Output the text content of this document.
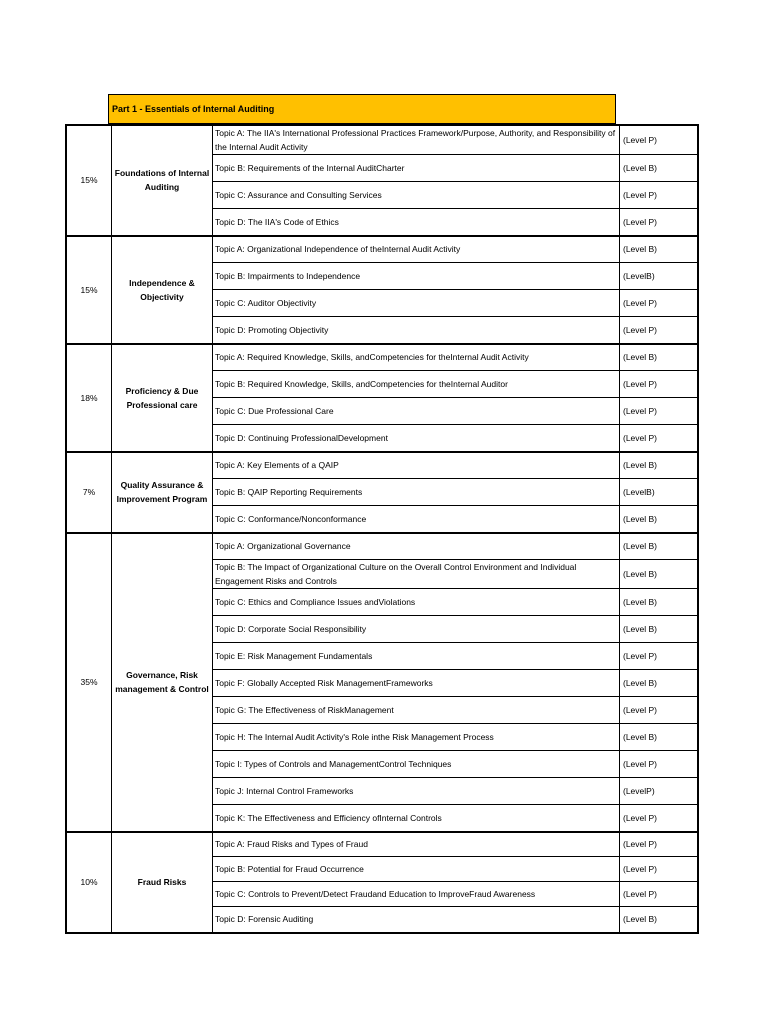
Part 1 - Essentials of Internal Auditing
15%	Foundations of Internal Auditing	Topic A: The IIA's International Professional Practices Framework/Purpose, Authority, and Responsibility of the Internal Audit Activity	(Level P)
		Topic B: Requirements of the Internal AuditCharter	(Level B)
		Topic C: Assurance and Consulting Services	(Level P)
		Topic D: The IIA's Code of Ethics	(Level P)
15%	Independence & Objectivity	Topic A: Organizational Independence of theInternal Audit Activity	(Level B)
		Topic B: Impairments to Independence	(LevelB)
		Topic C: Auditor Objectivity	(Level P)
		Topic D: Promoting Objectivity	(Level P)
18%	Proficiency & Due Professional care	Topic A: Required Knowledge, Skills, andCompetencies for theInternal Audit Activity	(Level B)
		Topic B: Required Knowledge, Skills, andCompetencies for theInternal Auditor	(Level P)
		Topic C: Due Professional Care	(Level P)
		Topic D: Continuing ProfessionalDevelopment	(Level P)
7%	Quality Assurance & Improvement Program	Topic A: Key Elements of a QAIP	(Level B)
		Topic B: QAIP Reporting Requirements	(LevelB)
		Topic C: Conformance/Nonconformance	(Level B)
35%	Governance, Risk management & Control	Topic A: Organizational Governance	(Level B)
		Topic B: The Impact of Organizational Culture on the Overall Control Environment and Individual Engagement Risks and Controls	(Level B)
		Topic C: Ethics and Compliance Issues andViolations	(Level B)
		Topic D: Corporate Social Responsibility	(Level B)
		Topic E: Risk Management Fundamentals	(Level P)
		Topic F: Globally Accepted Risk ManagementFrameworks	(Level B)
		Topic G: The Effectiveness of RiskManagement	(Level P)
		Topic H: The Internal Audit Activity's Role inthe Risk Management Process	(Level B)
		Topic I: Types of Controls and ManagementControl Techniques	(Level P)
		Topic J: Internal Control Frameworks	(LevelP)
		Topic K: The Effectiveness and Efficiency ofInternal Controls	(Level P)
10%	Fraud Risks	Topic A: Fraud Risks and Types of Fraud	(Level P)
		Topic B: Potential for Fraud Occurrence	(Level P)
		Topic C: Controls to Prevent/Detect Fraudand Education to ImproveFraud Awareness	(Level P)
		Topic D: Forensic Auditing	(Level B)
